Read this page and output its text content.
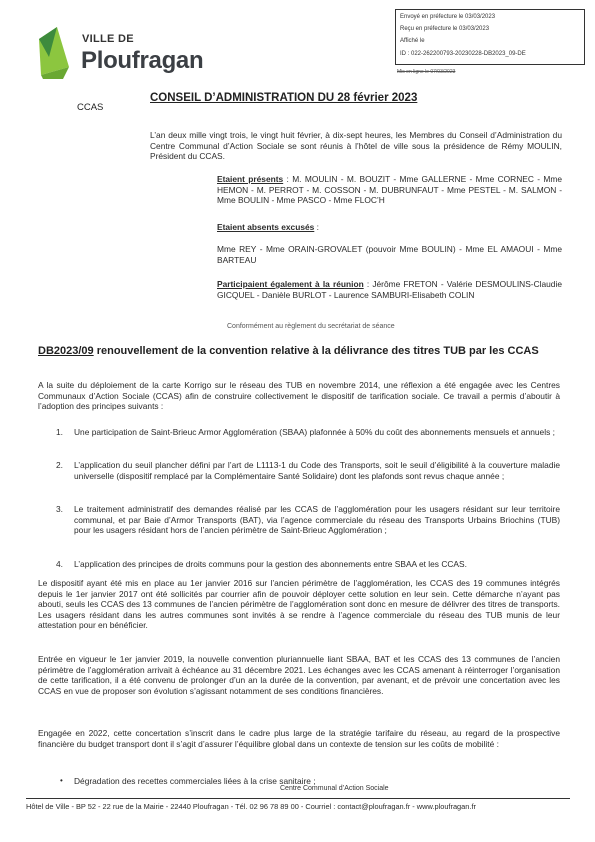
VILLE DE
Ploufragan
Envoyé en préfecture le 03/03/2023
Reçu en préfecture le 03/03/2023
Affiché le
ID : 022-262200793-20230228-DB2023_09-DE
Mis en ligne le 07/03/2023
CONSEIL D’ADMINISTRATION DU 28 février 2023
CCAS
L’an deux mille vingt trois, le vingt huit février, à dix-sept heures, les Membres du Conseil d’Administration du Centre Communal d’Action Sociale se sont réunis à l’hôtel de ville sous la présidence de Rémy MOULIN, Président du CCAS.
Etaient présents : M. MOULIN - M. BOUZIT - Mme GALLERNE - Mme CORNEC - Mme HEMON - M. PERROT - M. COSSON - M. DUBRUNFAUT - Mme PESTEL - M. SALMON - Mme BOULIN - Mme PASCO - Mme FLOC’H
Etaient absents excusés :
Mme REY - Mme ORAIN-GROVALET (pouvoir Mme BOULIN) - Mme EL AMAOUI - Mme BARTEAU
Participaient également à la réunion : Jérôme FRETON - Valérie DESMOULINS-Claudie GICQUEL - Danièle BURLOT - Laurence SAMBURI-Elisabeth COLIN
Conformément au règlement du secrétariat de séance
DB2023/09 renouvellement de la convention relative à la délivrance des titres TUB par les CCAS
A la suite du déploiement de la carte Korrigo sur le réseau des TUB en novembre 2014, une réflexion a été engagée avec les Centres Communaux d’Action Sociale (CCAS) afin de construire collectivement le dispositif de tarification sociale. Ce travail a permis d’aboutir à l’adoption des principes suivants :
1. Une participation de Saint-Brieuc Armor Agglomération (SBAA) plafonnée à 50% du coût des abonnements mensuels et annuels ;
2. L’application du seuil plancher défini par l’art de L1113-1 du Code des Transports, soit le seuil d’éligibilité à la couverture maladie universelle (dispositif remplacé par la Complémentaire Santé Solidaire) dont les plafonds sont revus chaque année ;
3. Le traitement administratif des demandes réalisé par les CCAS de l’agglomération pour les usagers résidant sur leur territoire communal, et par Baie d’Armor Transports (BAT), via l’agence commerciale du réseau des Transports Urbains Briochins (TUB) pour les usagers résidant hors de l’ancien périmètre de Saint-Brieuc Agglomération ;
4. L’application des principes de droits communs pour la gestion des abonnements entre SBAA et les CCAS.
Le dispositif ayant été mis en place au 1er janvier 2016 sur l’ancien périmètre de l’agglomération, les CCAS des 19 communes intégrés depuis le 1er janvier 2017 ont été sollicités par courrier afin de pouvoir déployer cette solution en leur sein. Cette démarche n’ayant pas abouti, seuls les CCAS des 13 communes de l’ancien périmètre de l’agglomération sont donc en mesure de délivrer des titres de transports. Les usagers résidant dans les autres communes sont invités à se rendre à l’agence commerciale du réseau des TUB munis de leur attestation pour en bénéficier.
Entrée en vigueur le 1er janvier 2019, la nouvelle convention pluriannuelle liant SBAA, BAT et les CCAS des 13 communes de l’ancien périmètre de l’agglomération arrivait à échéance au 31 décembre 2021. Les échanges avec les CCAS amenant à réinterroger l’organisation de cette tarification, il a été convenu de prolonger d’un an la durée de la convention, par avenant, et de prévoir une concertation avec les CCAS en vue de proposer son évolution s’agissant notamment de ses conditions financières.
Engagée en 2022, cette concertation s’inscrit dans le cadre plus large de la stratégie tarifaire du réseau, au regard de la prospective financière du budget transport dont il s’agit d’assurer l’équilibre global dans un contexte de tension sur les coûts de mobilité :
• Dégradation des recettes commerciales liées à la crise sanitaire ;
Centre Communal d’Action Sociale
Hôtel de Ville - BP 52 - 22 rue de la Mairie - 22440 Ploufragan - Tél. 02 96 78 89 00 - Courriel : contact@ploufragan.fr - www.ploufragan.fr
